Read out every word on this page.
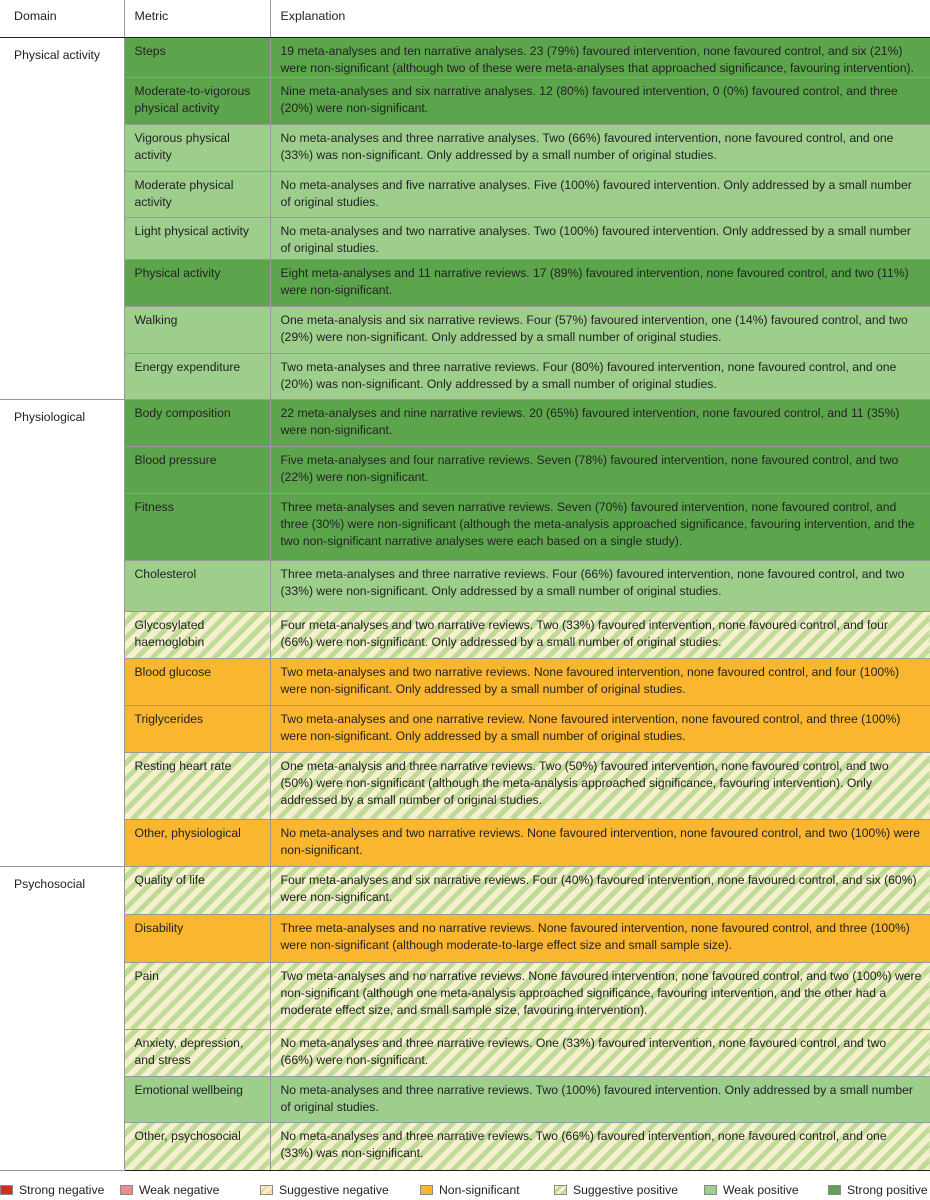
Domain	Metric	Explanation
Physical activity	Steps	19 meta-analyses and ten narrative analyses. 23 (79%) favoured intervention, none favoured control, and six (21%) were non-significant (although two of these were meta-analyses that approached significance, favouring intervention).
	Moderate-to-vigorous physical activity	Nine meta-analyses and six narrative analyses. 12 (80%) favoured intervention, 0 (0%) favoured control, and three (20%) were non-significant.
	Vigorous physical activity	No meta-analyses and three narrative analyses. Two (66%) favoured intervention, none favoured control, and one (33%) was non-significant. Only addressed by a small number of original studies.
	Moderate physical activity	No meta-analyses and five narrative analyses. Five (100%) favoured intervention. Only addressed by a small number of original studies.
	Light physical activity	No meta-analyses and two narrative analyses. Two (100%) favoured intervention. Only addressed by a small number of original studies.
	Physical activity	Eight meta-analyses and 11 narrative reviews. 17 (89%) favoured intervention, none favoured control, and two (11%) were non-significant.
	Walking	One meta-analysis and six narrative reviews. Four (57%) favoured intervention, one (14%) favoured control, and two (29%) were non-significant. Only addressed by a small number of original studies.
	Energy expenditure	Two meta-analyses and three narrative reviews. Four (80%) favoured intervention, none favoured control, and one (20%) was non-significant. Only addressed by a small number of original studies.
Physiological	Body composition	22 meta-analyses and nine narrative reviews. 20 (65%) favoured intervention, none favoured control, and 11 (35%) were non-significant.
	Blood pressure	Five meta-analyses and four narrative reviews. Seven (78%) favoured intervention, none favoured control, and two (22%) were non-significant.
	Fitness	Three meta-analyses and seven narrative reviews. Seven (70%) favoured intervention, none favoured control, and three (30%) were non-significant (although the meta-analysis approached significance, favouring intervention, and the two non-significant narrative analyses were each based on a single study).
	Cholesterol	Three meta-analyses and three narrative reviews. Four (66%) favoured intervention, none favoured control, and two (33%) were non-significant. Only addressed by a small number of original studies.
	Glycosylated haemoglobin	Four meta-analyses and two narrative reviews. Two (33%) favoured intervention, none favoured control, and four (66%) were non-significant. Only addressed by a small number of original studies.
	Blood glucose	Two meta-analyses and two narrative reviews. None favoured intervention, none favoured control, and four (100%) were non-significant. Only addressed by a small number of original studies.
	Triglycerides	Two meta-analyses and one narrative review. None favoured intervention, none favoured control, and three (100%) were non-significant. Only addressed by a small number of original studies.
	Resting heart rate	One meta-analysis and three narrative reviews. Two (50%) favoured intervention, none favoured control, and two (50%) were non-significant (although the meta-analysis approached significance, favouring intervention). Only addressed by a small number of original studies.
	Other, physiological	No meta-analyses and two narrative reviews. None favoured intervention, none favoured control, and two (100%) were non-significant.
Psychosocial	Quality of life	Four meta-analyses and six narrative reviews. Four (40%) favoured intervention, none favoured control, and six (60%) were non-significant.
	Disability	Three meta-analyses and no narrative reviews. None favoured intervention, none favoured control, and three (100%) were non-significant (although moderate-to-large effect size and small sample size).
	Pain	Two meta-analyses and no narrative reviews. None favoured intervention, none favoured control, and two (100%) were non-significant (although one meta-analysis approached significance, favouring intervention, and the other had a moderate effect size, and small sample size, favouring intervention).
	Anxiety, depression, and stress	No meta-analyses and three narrative reviews. One (33%) favoured intervention, none favoured control, and two (66%) were non-significant.
	Emotional wellbeing	No meta-analyses and three narrative reviews. Two (100%) favoured intervention. Only addressed by a small number of original studies.
	Other, psychosocial	No meta-analyses and three narrative reviews. Two (66%) favoured intervention, none favoured control, and one (33%) was non-significant.
Strong negative	Weak negative	Suggestive negative	Non-significant	Suggestive positive	Weak positive	Strong positive
